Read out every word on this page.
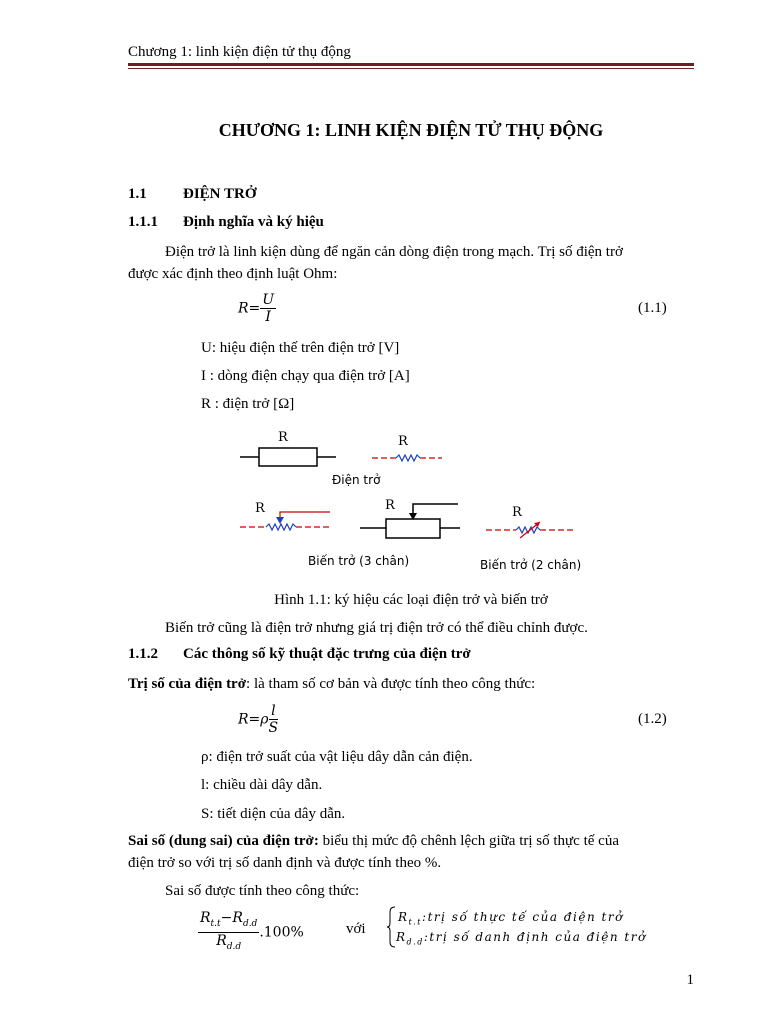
Chương 1: linh kiện điện tử thụ động
CHƯƠNG 1: LINH KIỆN ĐIỆN TỬ THỤ ĐỘNG
1.1 ĐIỆN TRỞ
1.1.1 Định nghĩa và ký hiệu
Điện trở là linh kiện dùng để ngăn cản dòng điện trong mạch. Trị số điện trở
được xác định theo định luật Ohm:
$R= \frac{U}{I}$	(1.1)
U: hiệu điện thế trên điện trở [V]
I : dòng điện chạy qua điện trở [A]
R : điện trở [Ω]
R	R
Điện trở
R	R	R
Biến trở (3 chân)	Biến trở (2 chân)
Hình 1.1: ký hiệu các loại điện trở và biến trở
Biến trở cũng là điện trở nhưng giá trị điện trở có thể điều chỉnh được.
1.1.2 Các thông số kỹ thuật đặc trưng của điện trở
Trị số của điện trở: là tham số cơ bản và được tính theo công thức:
$R=\rho \frac{l}{S}$	(1.2)
ρ: điện trở suất của vật liệu dây dẫn cản điện.
l: chiều dài dây dẫn.
S: tiết diện của dây dẫn.
Sai số (dung sai) của điện trở: biểu thị mức độ chênh lệch giữa trị số thực tế của
điện trở so với trị số danh định và được tính theo %.
Sai số được tính theo công thức:
$\frac{R_{t.t}-R_{d.d}}{R_{d.d}} .100\%$	với
$R_{t.t}:trị$ số thực tế của điện trở
$R_{d.d}:trị$ số danh định của điện trở
1
